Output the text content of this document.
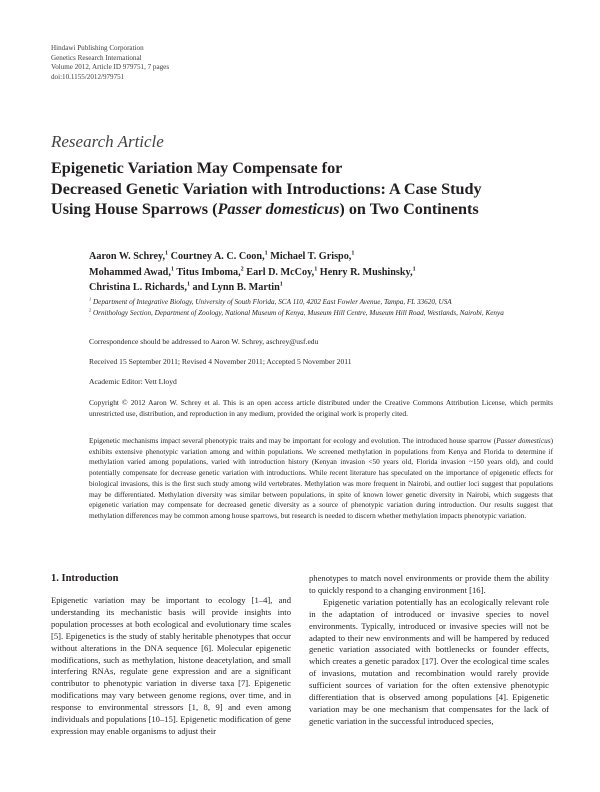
Hindawi Publishing Corporation
Genetics Research International
Volume 2012, Article ID 979751, 7 pages
doi:10.1155/2012/979751
Research Article
Epigenetic Variation May Compensate for
Decreased Genetic Variation with Introductions: A Case Study
Using House Sparrows (Passer domesticus) on Two Continents
Aaron W. Schrey,$^1$ Courtney A. C. Coon,$^1$ Michael T. Grispo,$^1$
Mohammed Awad,$^1$ Titus Imboma,$^2$ Earl D. McCoy,$^1$ Henry R. Mushinsky,$^1$
Christina L. Richards,$^1$ and Lynn B. Martin$^1$
$^1$ Department of Integrative Biology, University of South Florida, SCA 110, 4202 East Fowler Avenue, Tampa, FL 33620, USA
$^2$ Ornithology Section, Department of Zoology, National Museum of Kenya, Museum Hill Centre, Museum Hill Road, Westlands, Nairobi, Kenya
Correspondence should be addressed to Aaron W. Schrey, aschrey@usf.edu
Received 15 September 2011; Revised 4 November 2011; Accepted 5 November 2011
Academic Editor: Vett Lloyd
Copyright © 2012 Aaron W. Schrey et al. This is an open access article distributed under the Creative Commons Attribution License, which permits unrestricted use, distribution, and reproduction in any medium, provided the original work is properly cited.
Epigenetic mechanisms impact several phenotypic traits and may be important for ecology and evolution. The introduced house sparrow (Passer domesticus) exhibits extensive phenotypic variation among and within populations. We screened methylation in populations from Kenya and Florida to determine if methylation varied among populations, varied with introduction history (Kenyan invasion <50 years old, Florida invasion ~150 years old), and could potentially compensate for decrease genetic variation with introductions. While recent literature has speculated on the importance of epigenetic effects for biological invasions, this is the first such study among wild vertebrates. Methylation was more frequent in Nairobi, and outlier loci suggest that populations may be differentiated. Methylation diversity was similar between populations, in spite of known lower genetic diversity in Nairobi, which suggests that epigenetic variation may compensate for decreased genetic diversity as a source of phenotypic variation during introduction. Our results suggest that methylation differences may be common among house sparrows, but research is needed to discern whether methylation impacts phenotypic variation.
1. Introduction

Epigenetic variation may be important to ecology [1–4], and understanding its mechanistic basis will provide insights into population processes at both ecological and evolutionary time scales [5]. Epigenetics is the study of stably heritable phenotypes that occur without alterations in the DNA sequence [6]. Molecular epigenetic modifications, such as methylation, histone deacetylation, and small interfering RNAs, regulate gene expression and are a significant contributor to phenotypic variation in diverse taxa [7]. Epigenetic modifications may vary between genome regions, over time, and in response to environmental stressors [1, 8, 9] and even among individuals and populations [10–15]. Epigenetic modification of gene expression may enable organisms to adjust their

phenotypes to match novel environments or provide them the ability to quickly respond to a changing environment [16].

Epigenetic variation potentially has an ecologically relevant role in the adaptation of introduced or invasive species to novel environments. Typically, introduced or invasive species will not be adapted to their new environments and will be hampered by reduced genetic variation associated with bottlenecks or founder effects, which creates a genetic paradox [17]. Over the ecological time scales of invasions, mutation and recombination would rarely provide sufficient sources of variation for the often extensive phenotypic differentiation that is observed among populations [4]. Epigenetic variation may be one mechanism that compensates for the lack of genetic variation in the successful introduced species,
